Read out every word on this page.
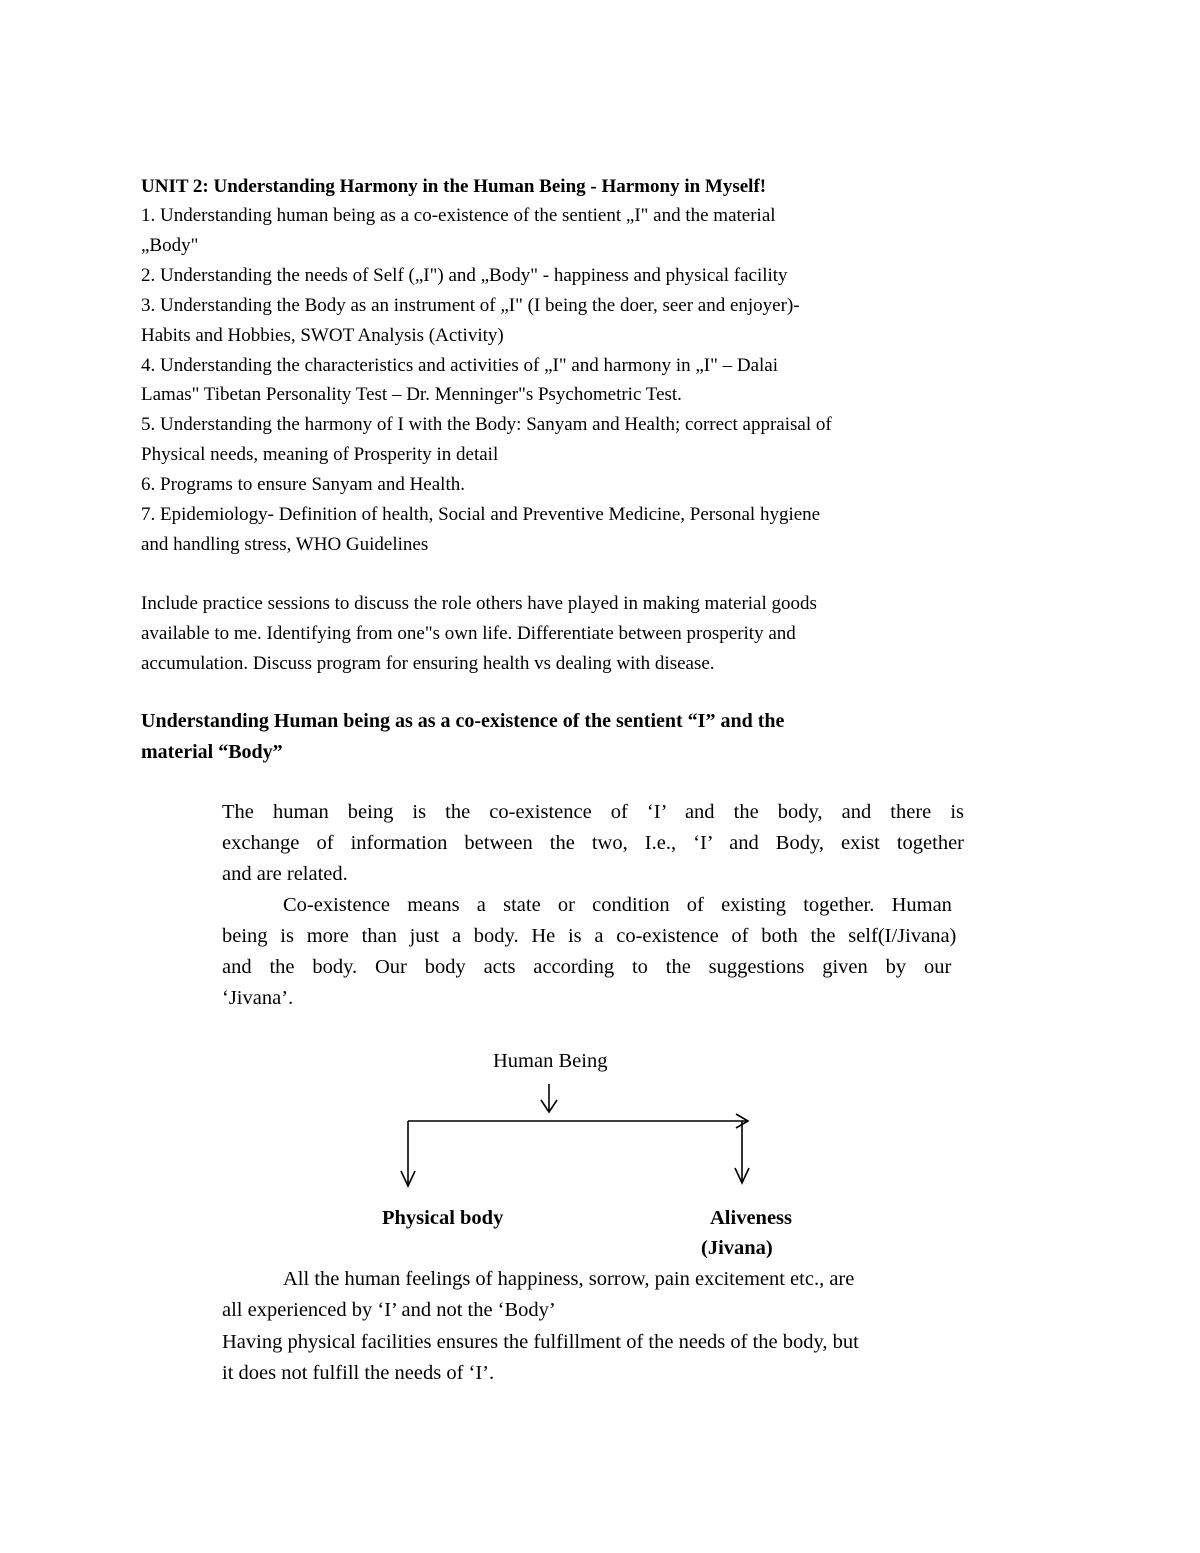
UNIT 2: Understanding Harmony in the Human Being - Harmony in Myself!
1. Understanding human being as a co-existence of the sentient „I" and the material
„Body"
2. Understanding the needs of Self („I") and „Body" - happiness and physical facility
3. Understanding the Body as an instrument of „I" (I being the doer, seer and enjoyer)-
Habits and Hobbies, SWOT Analysis (Activity)
4. Understanding the characteristics and activities of „I" and harmony in „I" – Dalai
Lamas" Tibetan Personality Test – Dr. Menninger"s Psychometric Test.
5. Understanding the harmony of I with the Body: Sanyam and Health; correct appraisal of
Physical needs, meaning of Prosperity in detail
6. Programs to ensure Sanyam and Health.
7. Epidemiology- Definition of health, Social and Preventive Medicine, Personal hygiene
and handling stress, WHO Guidelines
Include practice sessions to discuss the role others have played in making material goods
available to me. Identifying from one"s own life. Differentiate between prosperity and
accumulation. Discuss program for ensuring health vs dealing with disease.
Understanding Human being as as a co-existence of the sentient “I” and the
material “Body”
The human being is the co-existence of ‘I’ and the body, and there is
exchange of information between the two, I.e., ‘I’ and Body, exist together
and are related.
Co-existence means a state or condition of existing together. Human
being is more than just a body. He is a co-existence of both the self(I/Jivana)
and the body. Our body acts according to the suggestions given by our
‘Jivana’.
Human Being
Physical body	Aliveness
(Jivana)
All the human feelings of happiness, sorrow, pain excitement etc., are
all experienced by ‘I’ and not the ‘Body’
Having physical facilities ensures the fulfillment of the needs of the body, but
it does not fulfill the needs of ‘I’.
